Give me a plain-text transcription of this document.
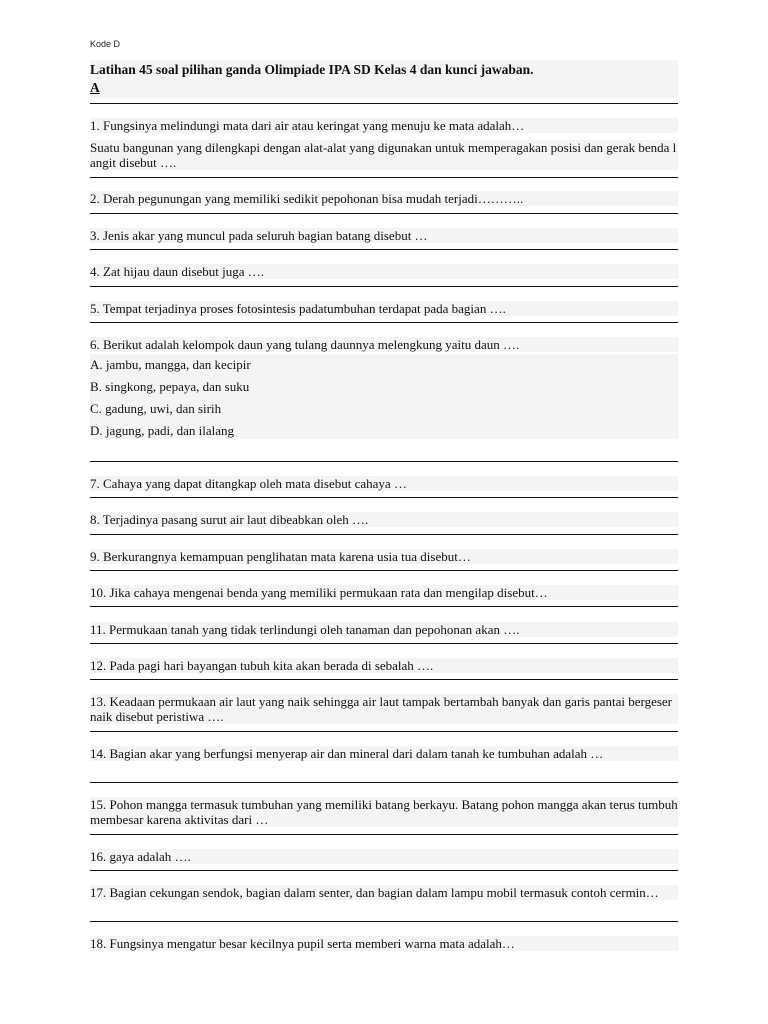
Kode D
Latihan 45 soal pilihan ganda Olimpiade IPA SD Kelas 4 dan kunci jawaban.
A
1. Fungsinya melindungi mata dari air atau keringat yang menuju ke mata adalah…
Suatu bangunan yang dilengkapi dengan alat-alat yang digunakan untuk memperagakan posisi dan gerak benda langit disebut ….
2. Derah pegunungan yang memiliki sedikit pepohonan bisa mudah terjadi………..
3. Jenis akar yang muncul pada seluruh bagian batang disebut …
4. Zat hijau daun disebut juga ….
5. Tempat terjadinya proses fotosintesis padatumbuhan terdapat pada bagian ….
6. Berikut adalah kelompok daun yang tulang daunnya melengkung yaitu daun ….
A. jambu, mangga, dan kecipir
B. singkong, pepaya, dan suku
C. gadung, uwi, dan sirih
D. jagung, padi, dan ilalang
7. Cahaya yang dapat ditangkap oleh mata disebut cahaya …
8. Terjadinya pasang surut air laut dibeabkan oleh ….
9. Berkurangnya kemampuan penglihatan mata karena usia tua disebut…
10. Jika cahaya mengenai benda yang memiliki permukaan rata dan mengilap disebut…
11. Permukaan tanah yang tidak terlindungi oleh tanaman dan pepohonan akan ….
12. Pada pagi hari bayangan tubuh kita akan berada di sebalah ….
13. Keadaan permukaan air laut yang naik sehingga air laut tampak bertambah banyak dan garis pantai bergeser naik disebut peristiwa ….
14. Bagian akar yang berfungsi menyerap air dan mineral dari dalam tanah ke tumbuhan adalah …
15. Pohon mangga termasuk tumbuhan yang memiliki batang berkayu. Batang pohon mangga akan terus tumbuh membesar karena aktivitas dari …
16. gaya adalah ….
17. Bagian cekungan sendok, bagian dalam senter, dan bagian dalam lampu mobil termasuk contoh cermin…
18. Fungsinya mengatur besar kecilnya pupil serta memberi warna mata adalah…
